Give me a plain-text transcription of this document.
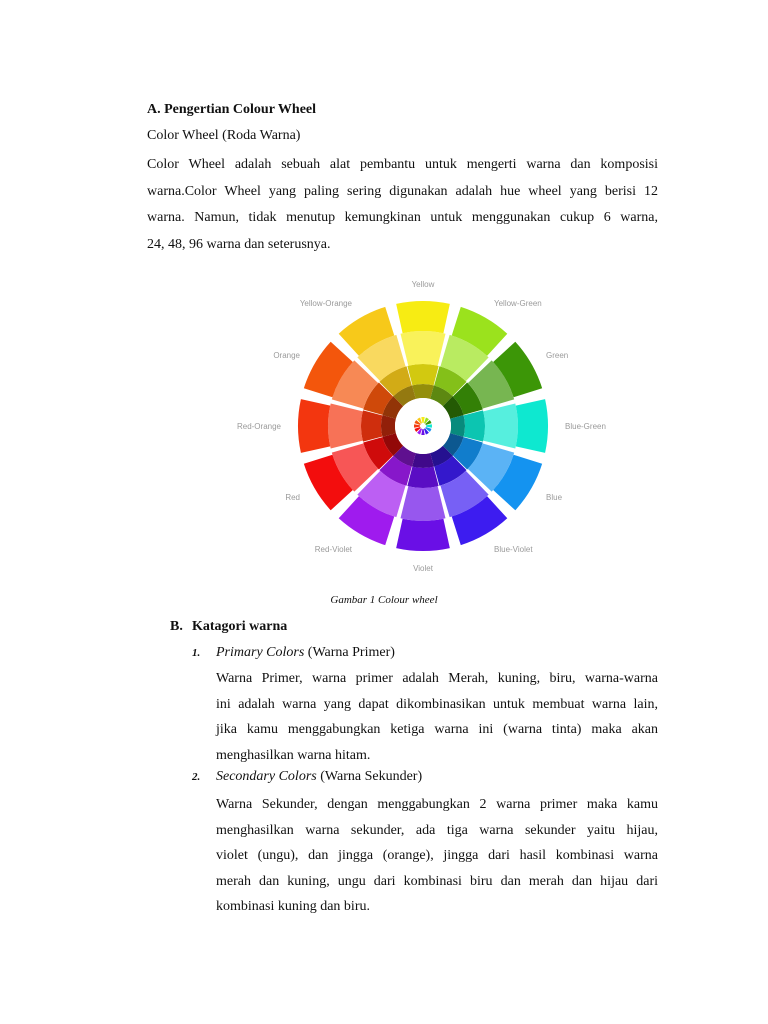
A. Pengertian Colour Wheel
Color Wheel (Roda Warna)
Color Wheel adalah sebuah alat pembantu untuk mengerti warna dan komposisi
warna.Color Wheel yang paling sering digunakan adalah hue wheel yang berisi 12
warna. Namun, tidak menutup kemungkinan untuk menggunakan cukup 6 warna,
24, 48, 96 warna dan seterusnya.
Yellow
Yellow-Green
Green
Blue-Green
Blue
Blue-Violet
Violet
Red-Violet
Red
Red-Orange
Orange
Yellow-Orange
Gambar 1 Colour wheel
B. Katagori warna
1. Primary Colors (Warna Primer)
Warna Primer, warna primer adalah Merah, kuning, biru, warna-warna
ini adalah warna yang dapat dikombinasikan untuk membuat warna lain,
jika kamu menggabungkan ketiga warna ini (warna tinta) maka akan
menghasilkan warna hitam.
2. Secondary Colors (Warna Sekunder)
Warna Sekunder, dengan menggabungkan 2 warna primer maka kamu
menghasilkan warna sekunder, ada tiga warna sekunder yaitu hijau,
violet (ungu), dan jingga (orange), jingga dari hasil kombinasi warna
merah dan kuning, ungu dari kombinasi biru dan merah dan hijau dari
kombinasi kuning dan biru.
